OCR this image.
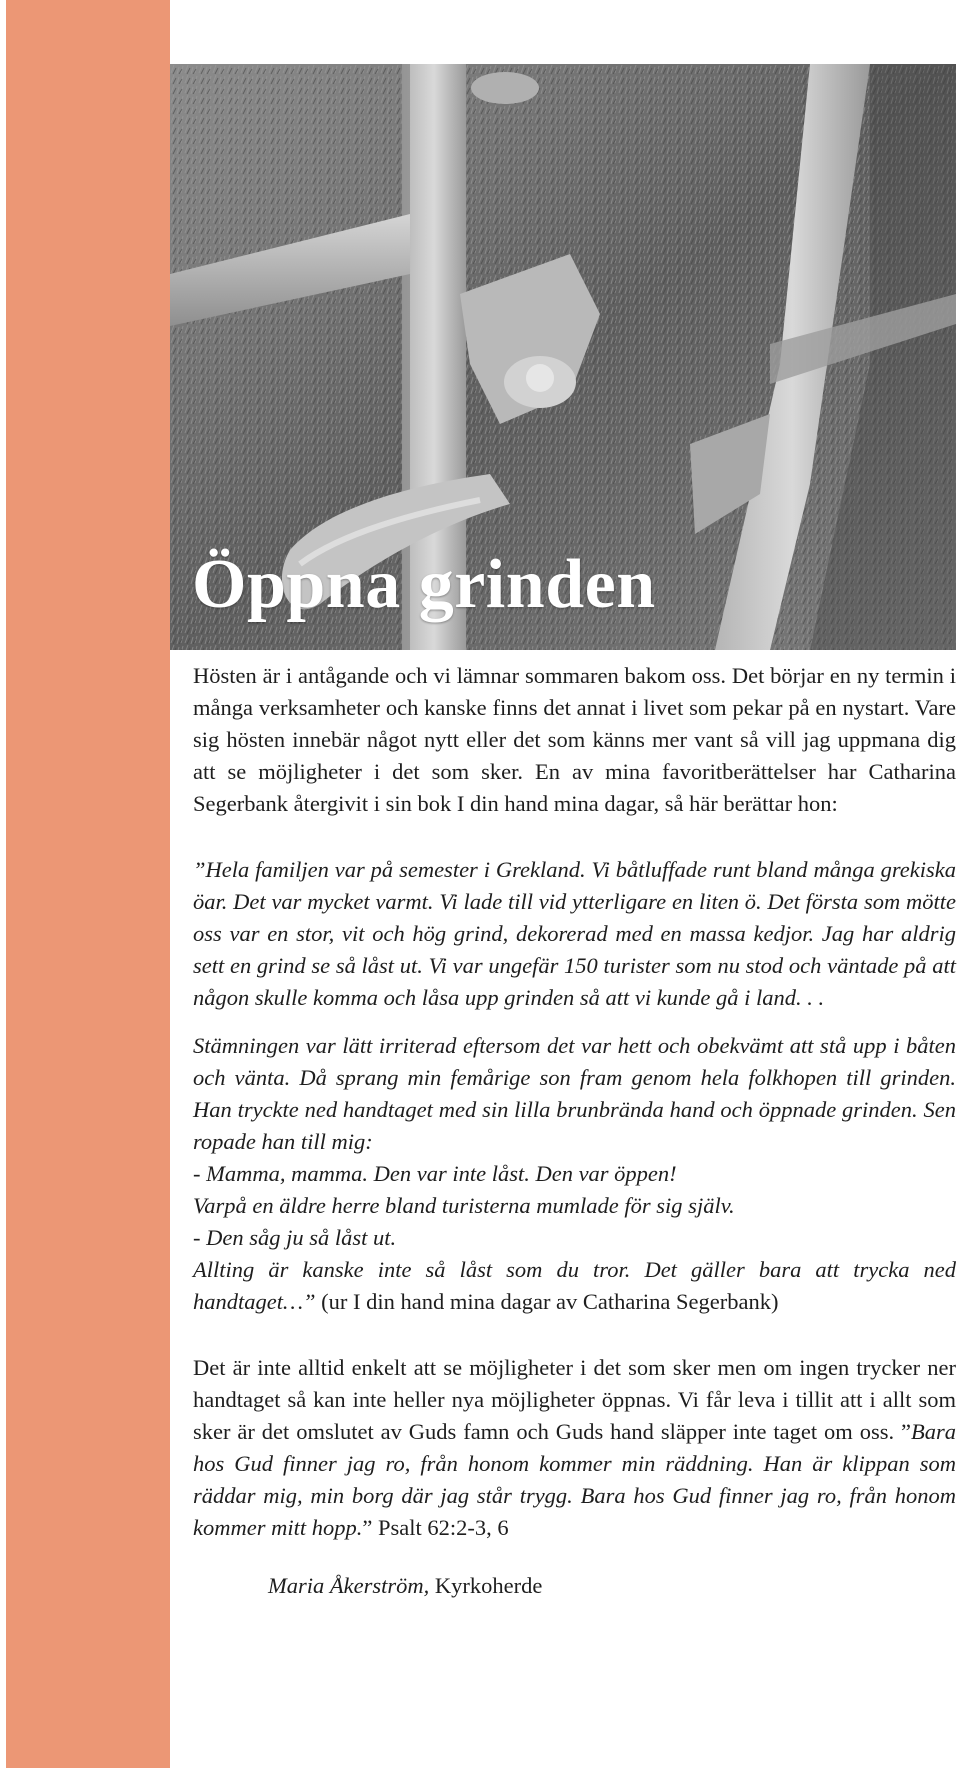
Öppna grinden

Hösten är i antågande och vi lämnar sommaren bakom oss. Det börjar en ny termin i många verksamheter och kanske finns det annat i livet som pekar på en nystart. Vare sig hösten innebär något nytt eller det som känns mer vant så vill jag uppmana dig att se möjligheter i det som sker. En av mina favoritberättelser har Catharina Segerbank återgivit i sin bok I din hand mina dagar, så här berättar hon:

”Hela familjen var på semester i Grekland. Vi båtluffade runt bland många grekiska öar. Det var mycket varmt. Vi lade till vid ytterligare en liten ö. Det första som mötte oss var en stor, vit och hög grind, dekorerad med en massa kedjor. Jag har aldrig sett en grind se så låst ut. Vi var ungefär 150 turister som nu stod och väntade på att någon skulle komma och låsa upp grinden så att vi kunde gå i land. . .

Stämningen var lätt irriterad eftersom det var hett och obekvämt att stå upp i båten och vänta. Då sprang min femårige son fram genom hela folkhopen till grinden. Han tryckte ned handtaget med sin lilla brunbrända hand och öppnade grinden. Sen ropade han till mig:

- Mamma, mamma. Den var inte låst. Den var öppen!

Varpå en äldre herre bland turisterna mumlade för sig själv.

- Den såg ju så låst ut.

Allting är kanske inte så låst som du tror. Det gäller bara att trycka ned handtaget…” (ur I din hand mina dagar av Catharina Segerbank)

Det är inte alltid enkelt att se möjligheter i det som sker men om ingen trycker ner handtaget så kan inte heller nya möjligheter öppnas. Vi får leva i tillit att i allt som sker är det omslutet av Guds famn och Guds hand släpper inte taget om oss. ”Bara hos Gud finner jag ro, från honom kommer min räddning. Han är klippan som räddar mig, min borg där jag står trygg. Bara hos Gud finner jag ro, från honom kommer mitt hopp.” Psalt 62:2-3, 6

Maria Åkerström, Kyrkoherde
